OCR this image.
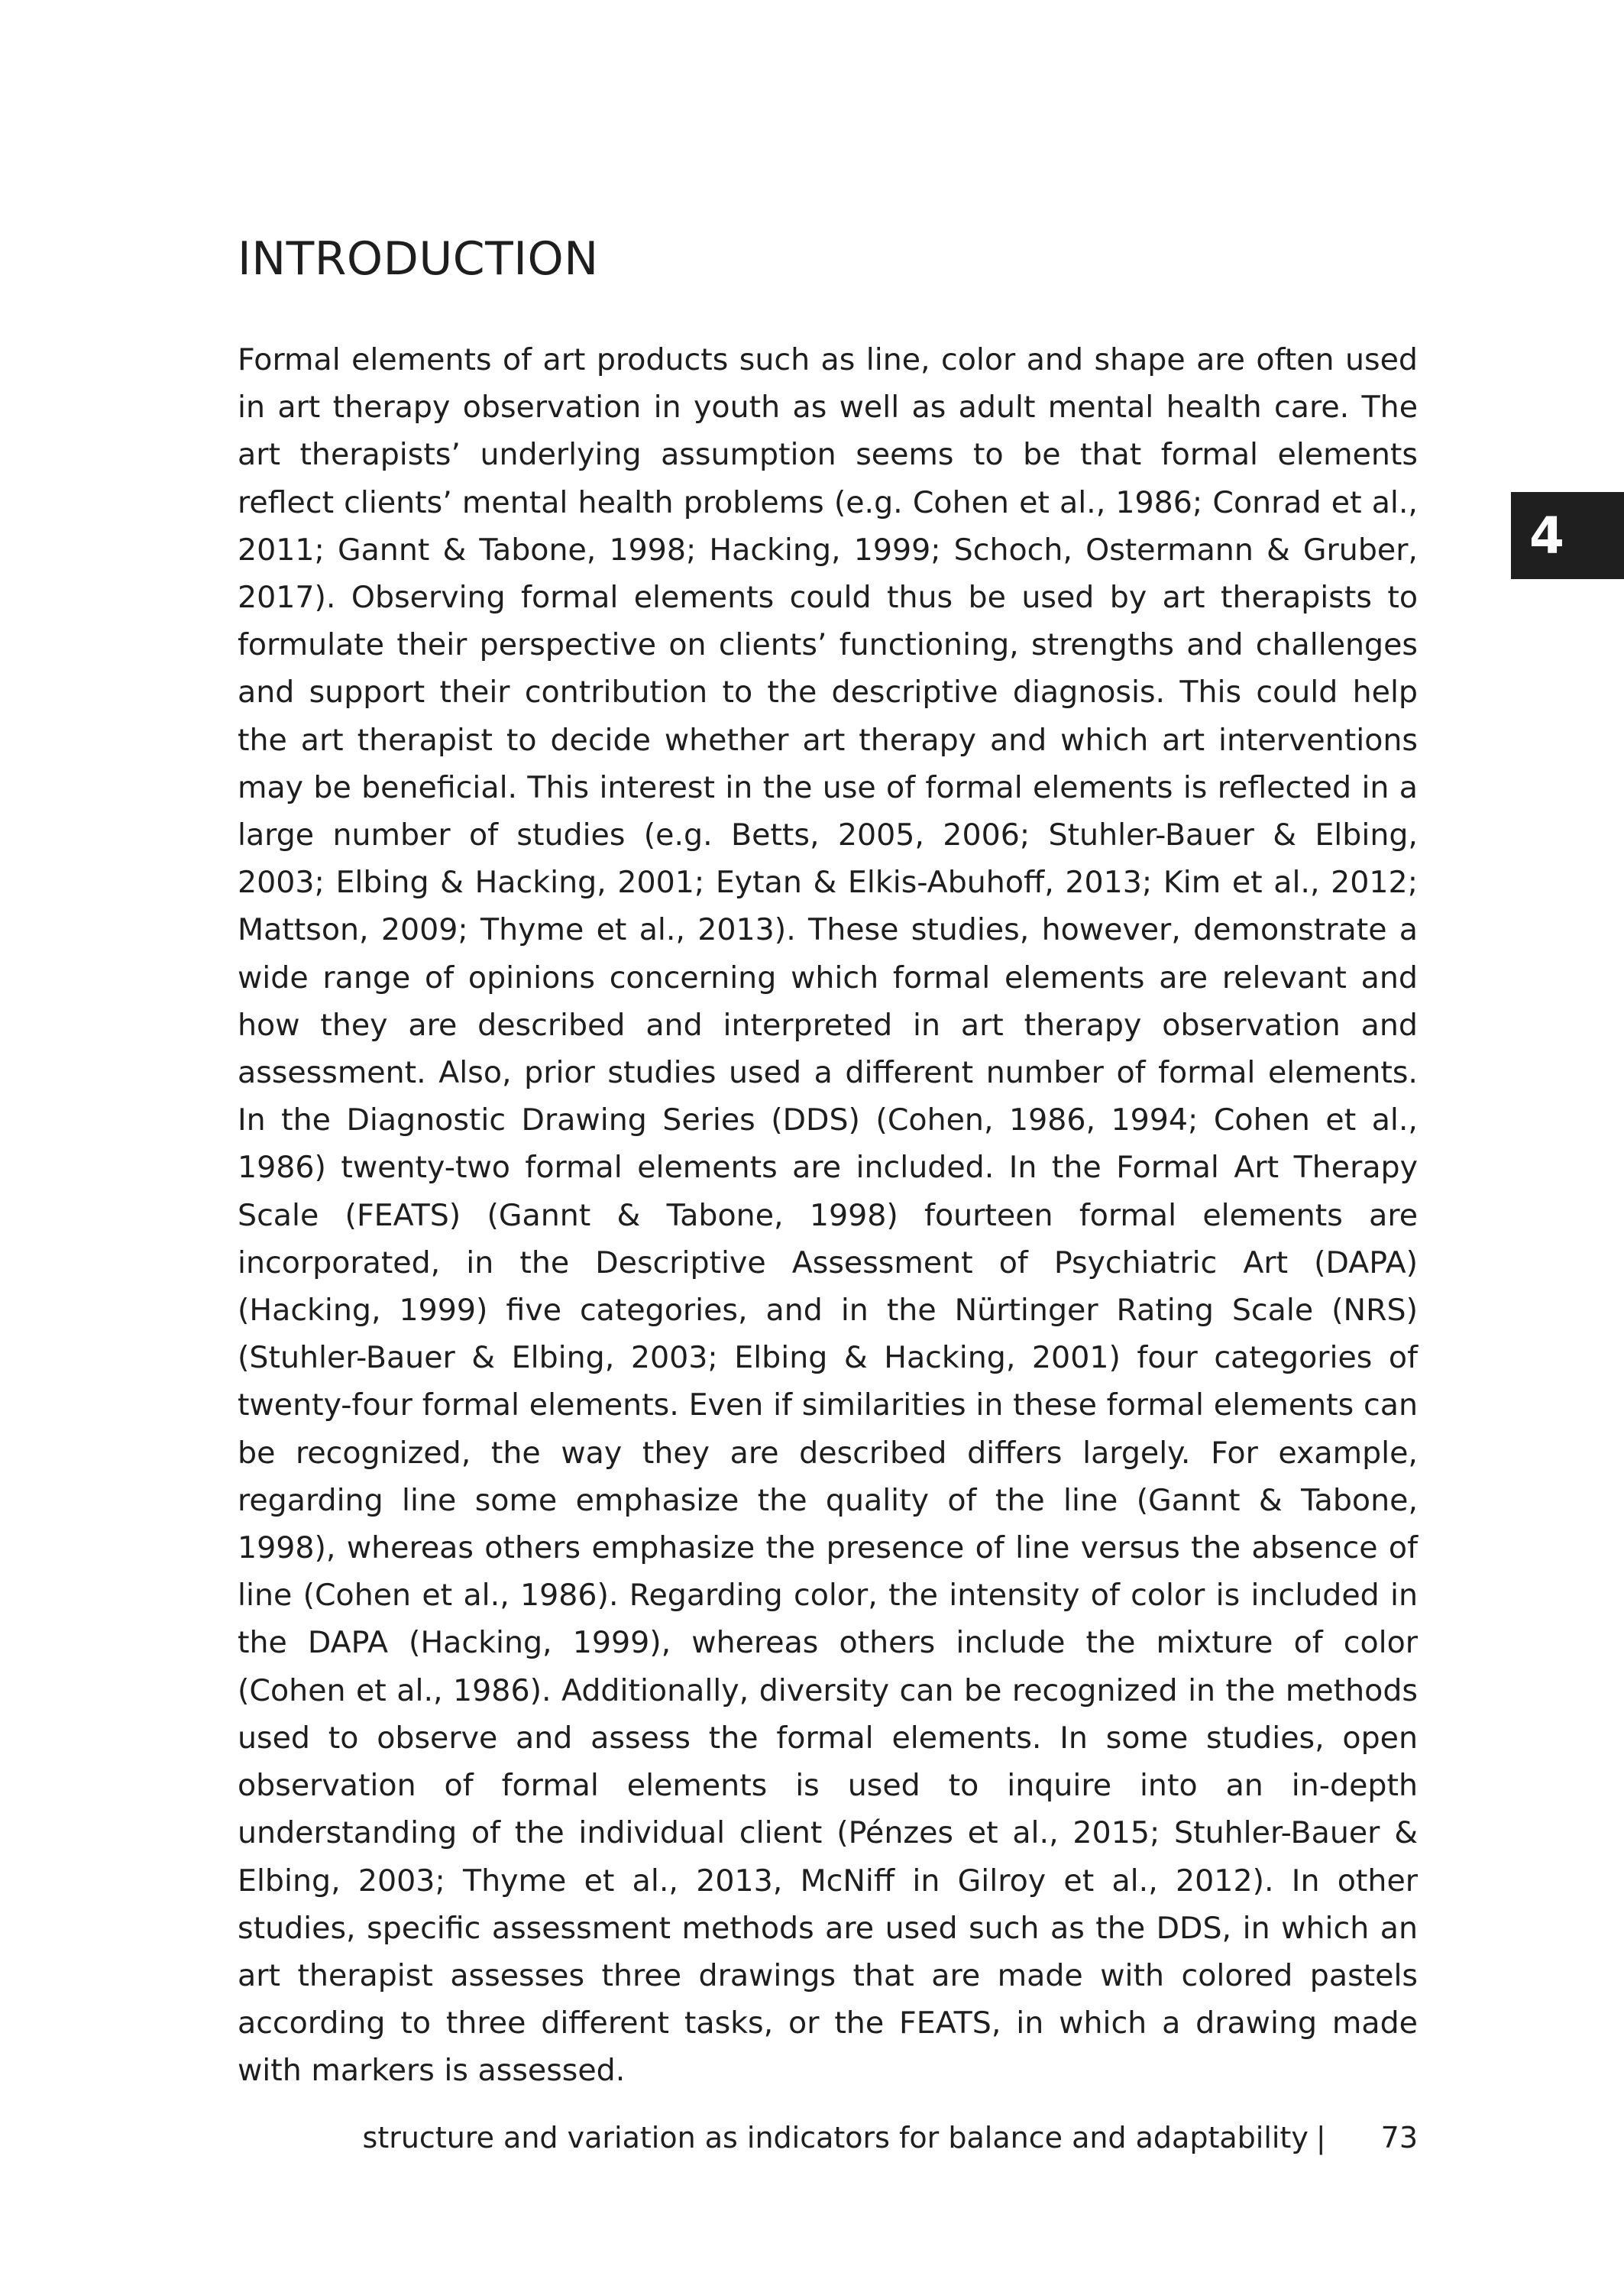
INTRODUCTION

Formal elements of art products such as line, color and shape are often used in art therapy observation in youth as well as adult mental health care. The art therapists’ underlying assumption seems to be that formal elements reflect clients’ mental health problems (e.g. Cohen et al., 1986; Conrad et al., 2011; Gannt & Tabone, 1998; Hacking, 1999; Schoch, Ostermann & Gruber, 2017). Observing formal elements could thus be used by art therapists to formulate their perspective on clients’ functioning, strengths and challenges and support their contribution to the descriptive diagnosis. This could help the art therapist to decide whether art therapy and which art interventions may be beneficial. This interest in the use of formal elements is reflected in a large number of studies (e.g. Betts, 2005, 2006; Stuhler-Bauer & Elbing, 2003; Elbing & Hacking, 2001; Eytan & Elkis-Abuhoff, 2013; Kim et al., 2012; Mattson, 2009; Thyme et al., 2013). These studies, however, demonstrate a wide range of opinions concerning which formal elements are relevant and how they are described and interpreted in art therapy observation and assessment. Also, prior studies used a different number of formal elements. In the Diagnostic Drawing Series (DDS) (Cohen, 1986, 1994; Cohen et al., 1986) twenty-two formal elements are included. In the Formal Art Therapy Scale (FEATS) (Gannt & Tabone, 1998) fourteen formal elements are incorporated, in the Descriptive Assessment of Psychiatric Art (DAPA) (Hacking, 1999) five categories, and in the Nürtinger Rating Scale (NRS) (Stuhler-Bauer & Elbing, 2003; Elbing & Hacking, 2001) four categories of twenty-four formal elements. Even if similarities in these formal elements can be recognized, the way they are described differs largely. For example, regarding line some emphasize the quality of the line (Gannt & Tabone, 1998), whereas others emphasize the presence of line versus the absence of line (Cohen et al., 1986). Regarding color, the intensity of color is included in the DAPA (Hacking, 1999), whereas others include the mixture of color (Cohen et al., 1986). Additionally, diversity can be recognized in the methods used to observe and assess the formal elements. In some studies, open observation of formal elements is used to inquire into an in-depth understanding of the individual client (Pénzes et al., 2015; Stuhler-Bauer & Elbing, 2003; Thyme et al., 2013, McNiff in Gilroy et al., 2012). In other studies, specific assessment methods are used such as the DDS, in which an art therapist assesses three drawings that are made with colored pastels according to three different tasks, or the FEATS, in which a drawing made with markers is assessed.

4
structure and variation as indicators for balance and adaptability | 73
